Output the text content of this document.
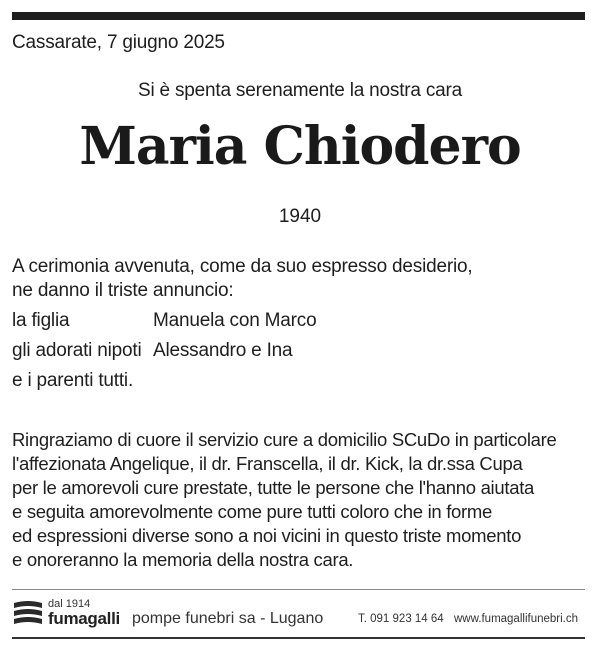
Cassarate, 7 giugno 2025
Si è spenta serenamente la nostra cara
Maria Chiodero
1940
A cerimonia avvenuta, come da suo espresso desiderio,
ne danno il triste annuncio:
la figlia	Manuela con Marco
gli adorati nipoti Alessandro e Ina
e i parenti tutti.
Ringraziamo di cuore il servizio cure a domicilio SCuDo in particolare
l'affezionata Angelique, il dr. Franscella, il dr. Kick, la dr.ssa Cupa
per le amorevoli cure prestate, tutte le persone che l'hanno aiutata
e seguita amorevolmente come pure tutti coloro che in forme
ed espressioni diverse sono a noi vicini in questo triste momento
e onoreranno la memoria della nostra cara.
dal 1914
fumagalli pompe funebri sa - Lugano	T. 091 923 14 64 www.fumagallifunebri.ch
